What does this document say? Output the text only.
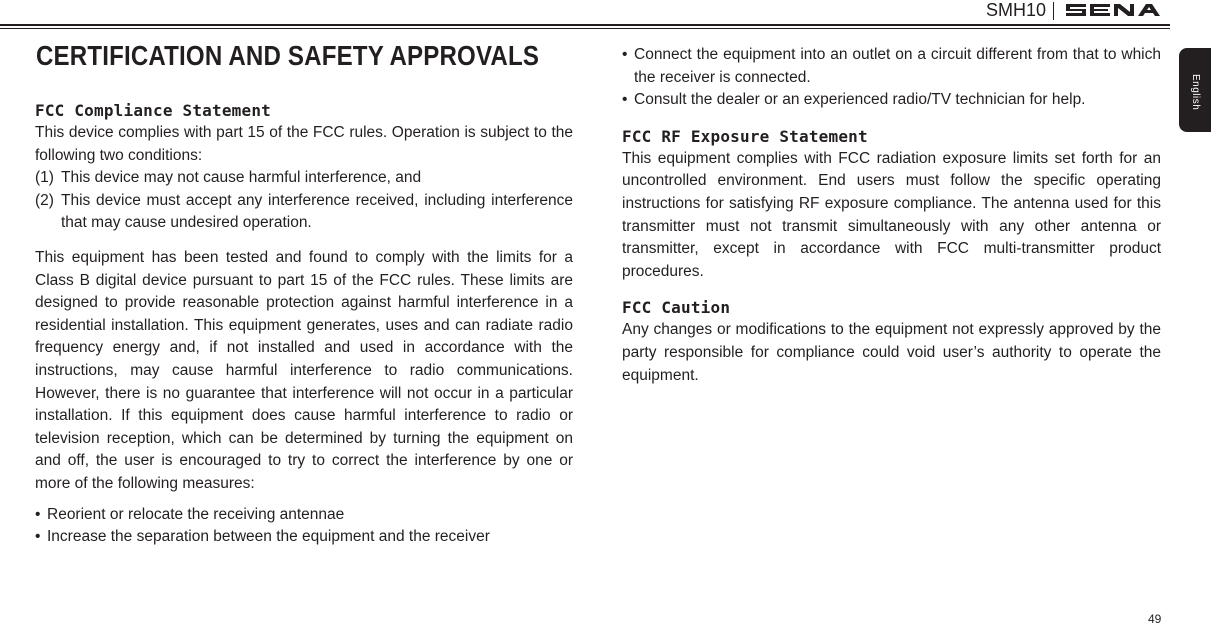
SMH10
English
CERTIFICATION AND SAFETY APPROVALS
FCC Compliance Statement

This device complies with part 15 of the FCC rules. Operation is subject to the following two conditions:

(1) This device may not cause harmful interference, and
(2) This device must accept any interference received, including interference that may cause undesired operation.

This equipment has been tested and found to comply with the limits for a Class B digital device pursuant to part 15 of the FCC rules. These limits are designed to provide reasonable protection against harmful interference in a residential installation. This equipment generates, uses and can radiate radio frequency energy and, if not installed and used in accordance with the instructions, may cause harmful interference to radio communications. However, there is no guarantee that interference will not occur in a particular installation. If this equipment does cause harmful interference to radio or television reception, which can be determined by turning the equipment on and off, the user is encouraged to try to correct the interference by one or more of the following measures:

• Reorient or relocate the receiving antennae
• Increase the separation between the equipment and the receiver
• Connect the equipment into an outlet on a circuit different from that to which the receiver is connected.
• Consult the dealer or an experienced radio/TV technician for help.
FCC RF Exposure Statement

This equipment complies with FCC radiation exposure limits set forth for an uncontrolled environment. End users must follow the specific operating instructions for satisfying RF exposure compliance. The antenna used for this transmitter must not transmit simultaneously with any other antenna or transmitter, except in accordance with FCC multi-transmitter product procedures.

FCC Caution

Any changes or modifications to the equipment not expressly approved by the party responsible for compliance could void user’s authority to operate the equipment.

49
